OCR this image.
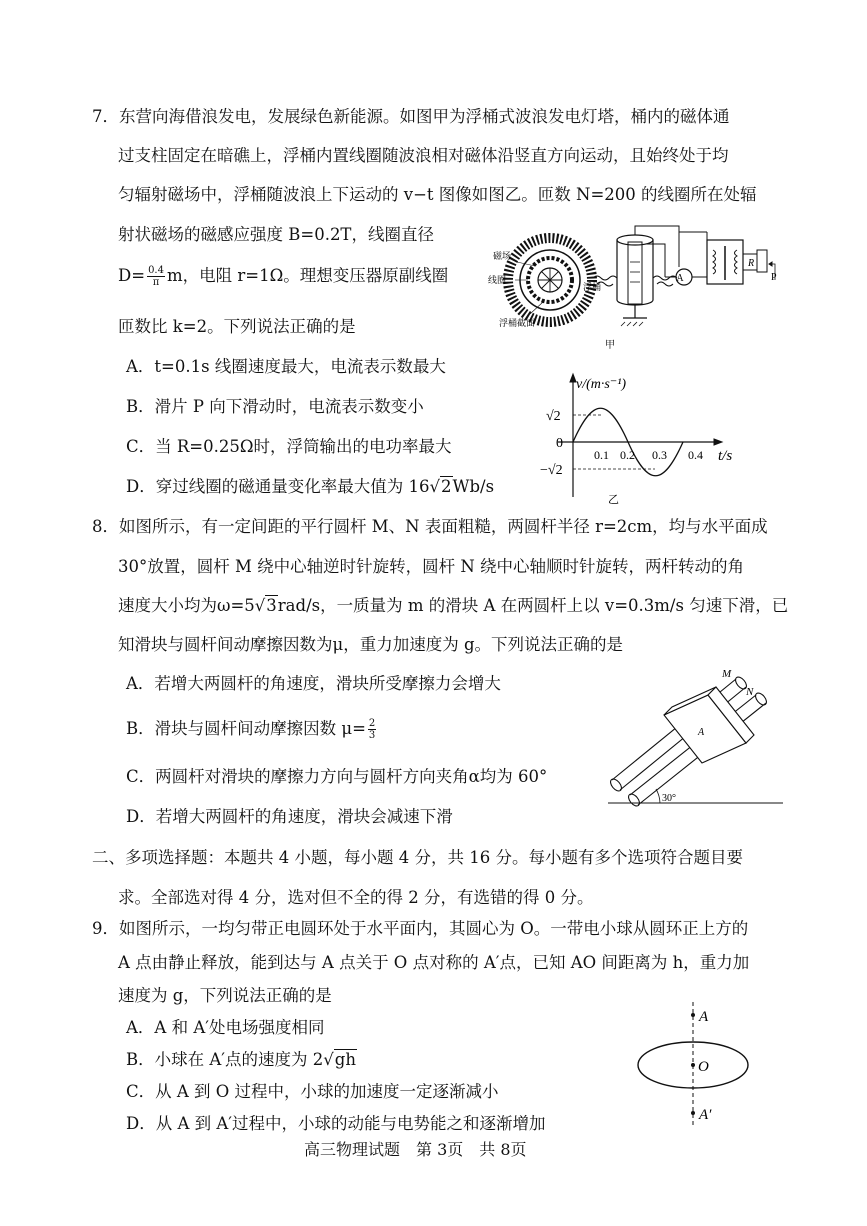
7．东营向海借浪发电，发展绿色新能源。如图甲为浮桶式波浪发电灯塔，桶内的磁体通
过支柱固定在暗礁上，浮桶内置线圈随波浪相对磁体沿竖直方向运动，且始终处于均
匀辐射磁场中，浮桶随波浪上下运动的 v−t 图像如图乙。匝数 N=200 的线圈所在处辐
射状磁场的磁感应强度 B=0.2T，线圈直径
$D= \frac{0.4}{\pi}$ m，电阻 r=1Ω。理想变压器原副线圈
匝数比 k=2。下列说法正确的是
A．t=0.1s 线圈速度最大，电流表示数最大
B．滑片 P 向下滑动时，电流表示数变小
C．当 R=0.25Ω时，浮筒输出的电功率最大
D．穿过线圈的磁通量变化率最大值为 16√2Wb/s
磁场
线圈
浮桶截面
A
R
P
浮桶
甲
v/(m·s⁻¹)
√2
0
−√2
0.1 0.2 0.3 0.4 t/s
乙
8．如图所示，有一定间距的平行圆杆 M、N 表面粗糙，两圆杆半径 r=2cm，均与水平面成
30°放置，圆杆 M 绕中心轴逆时针旋转，圆杆 N 绕中心轴顺时针旋转，两杆转动的角
速度大小均为ω=5√3rad/s，一质量为 m 的滑块 A 在两圆杆上以 v=0.3m/s 匀速下滑，已
知滑块与圆杆间动摩擦因数为μ，重力加速度为 g。下列说法正确的是
A．若增大两圆杆的角速度，滑块所受摩擦力会增大
B．滑块与圆杆间动摩擦因数 $\mu= \frac{2}{3}$
C．两圆杆对滑块的摩擦力方向与圆杆方向夹角α均为 60°
D．若增大两圆杆的角速度，滑块会减速下滑
M
N
A
30°
二、多项选择题：本题共 4 小题，每小题 4 分，共 16 分。每小题有多个选项符合题目要
求。全部选对得 4 分，选对但不全的得 2 分，有选错的得 0 分。
9．如图所示，一均匀带正电圆环处于水平面内，其圆心为 O。一带电小球从圆环正上方的
A 点由静止释放，能到达与 A 点关于 O 点对称的 A′点，已知 AO 间距离为 h，重力加
速度为 g，下列说法正确的是
A．A 和 A′处电场强度相同
B．小球在 A′点的速度为 2√gh
C．从 A 到 O 过程中，小球的加速度一定逐渐减小
D．从 A 到 A′过程中，小球的动能与电势能之和逐渐增加
A
O
A′
高三物理试题　第 3页　共 8页
